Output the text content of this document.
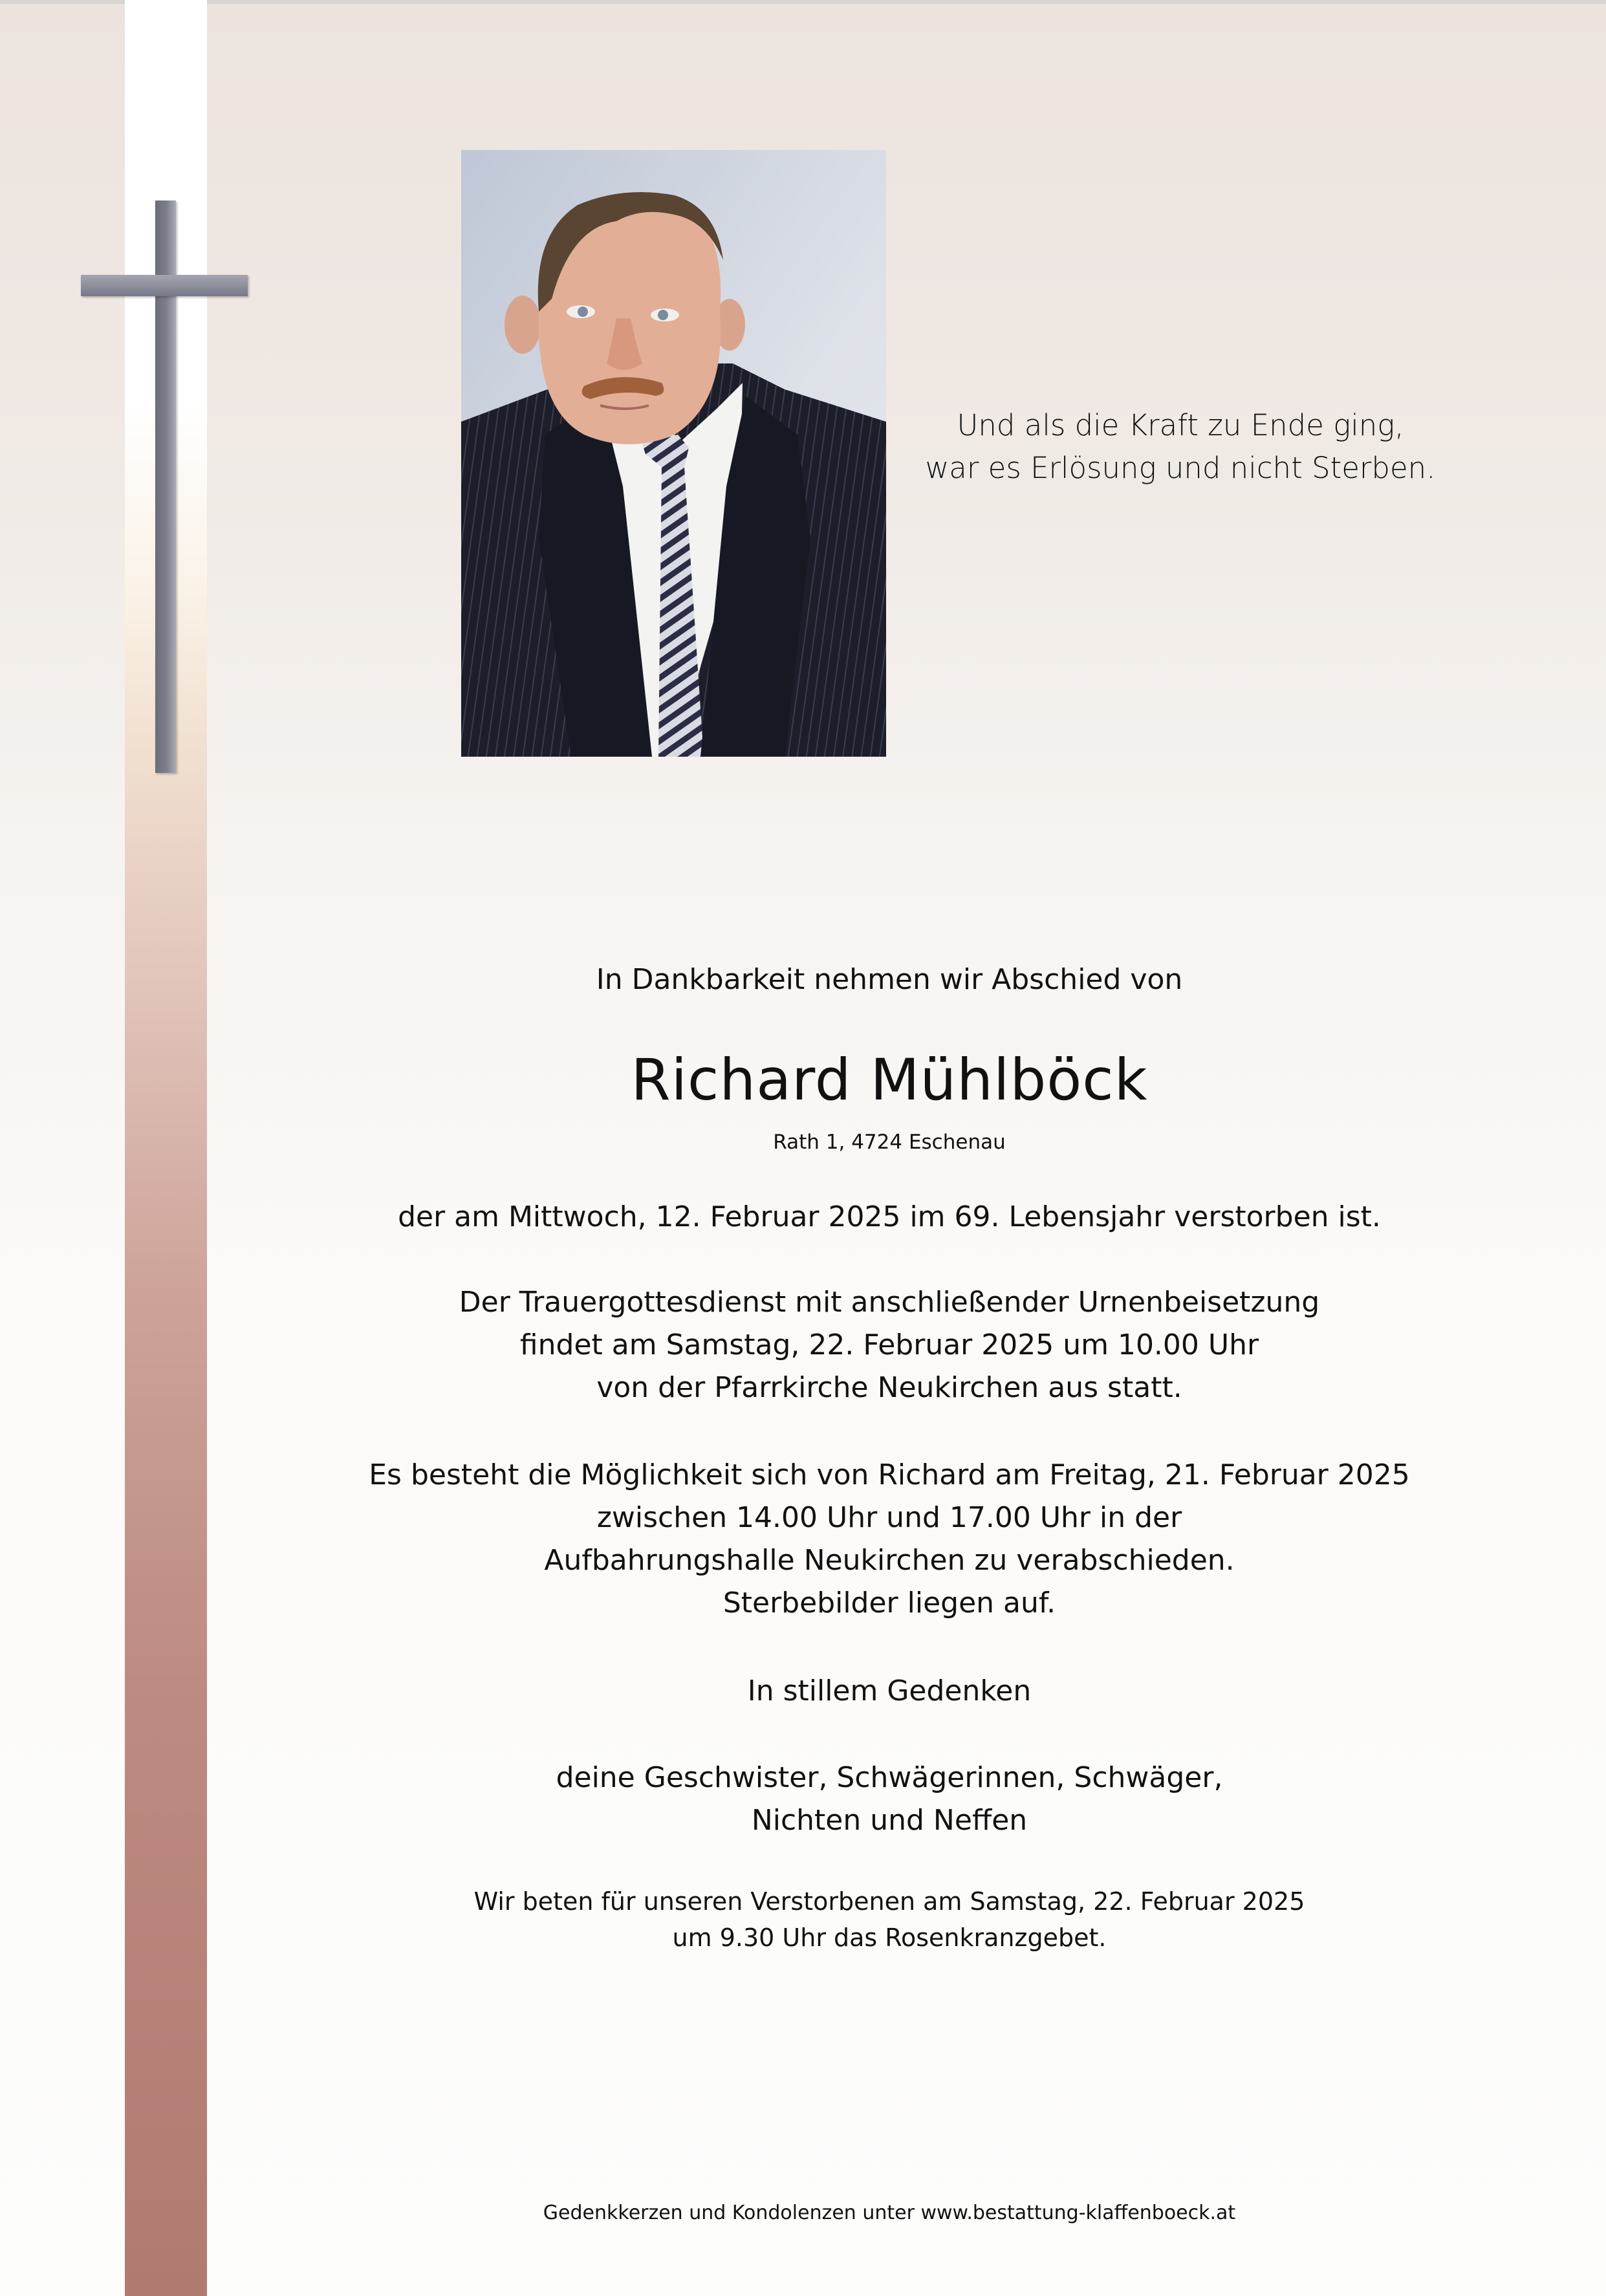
Und als die Kraft zu Ende ging,
war es Erlösung und nicht Sterben.
In Dankbarkeit nehmen wir Abschied von
Richard Mühlböck
Rath 1, 4724 Eschenau
der am Mittwoch, 12. Februar 2025 im 69. Lebensjahr verstorben ist.
Der Trauergottesdienst mit anschließender Urnenbeisetzung
findet am Samstag, 22. Februar 2025 um 10.00 Uhr
von der Pfarrkirche Neukirchen aus statt.
Es besteht die Möglichkeit sich von Richard am Freitag, 21. Februar 2025
zwischen 14.00 Uhr und 17.00 Uhr in der
Aufbahrungshalle Neukirchen zu verabschieden.
Sterbebilder liegen auf.
In stillem Gedenken
deine Geschwister, Schwägerinnen, Schwäger,
Nichten und Neffen
Wir beten für unseren Verstorbenen am Samstag, 22. Februar 2025
um 9.30 Uhr das Rosenkranzgebet.
Gedenkkerzen und Kondolenzen unter www.bestattung-klaffenboeck.at
